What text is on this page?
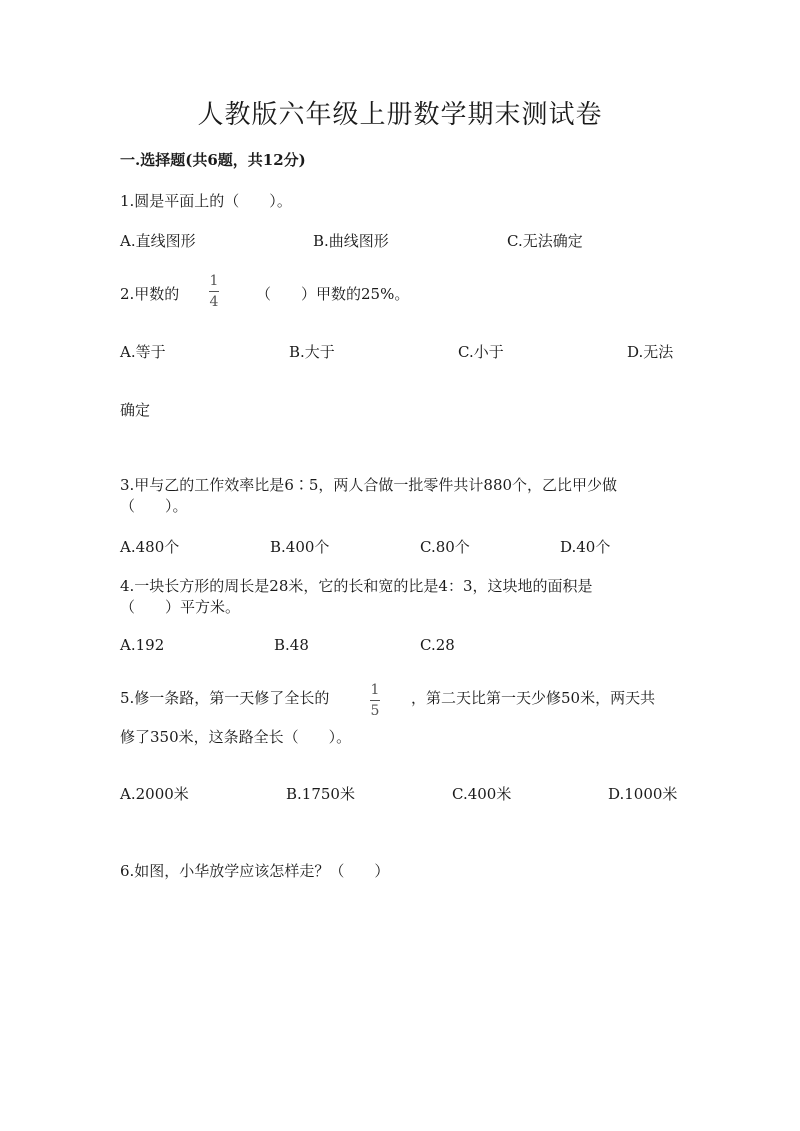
人教版六年级上册数学期末测试卷
一.选择题(共6题，共12分)
1.圆是平面上的（　　）。
A.直线图形	B.曲线图形	C.无法确定
2.甲数的
1
4	（　　）甲数的25%。
A.等于	B.大于	C.小于	D.无法
确定
3.甲与乙的工作效率比是6∶5，两人合做一批零件共计880个，乙比甲少做
（　　）。
A.480个	B.400个	C.80个	D.40个
4.一块长方形的周长是28米，它的长和宽的比是4：3，这块地的面积是
（　　）平方米。
A.192	B.48	C.28
5.修一条路，第一天修了全长的	1
5
，第二天比第一天少修50米，两天共
修了350米，这条路全长（　　）。
A.2000米	B.1750米	C.400米	D.1000米
6.如图，小华放学应该怎样走？（　　）
